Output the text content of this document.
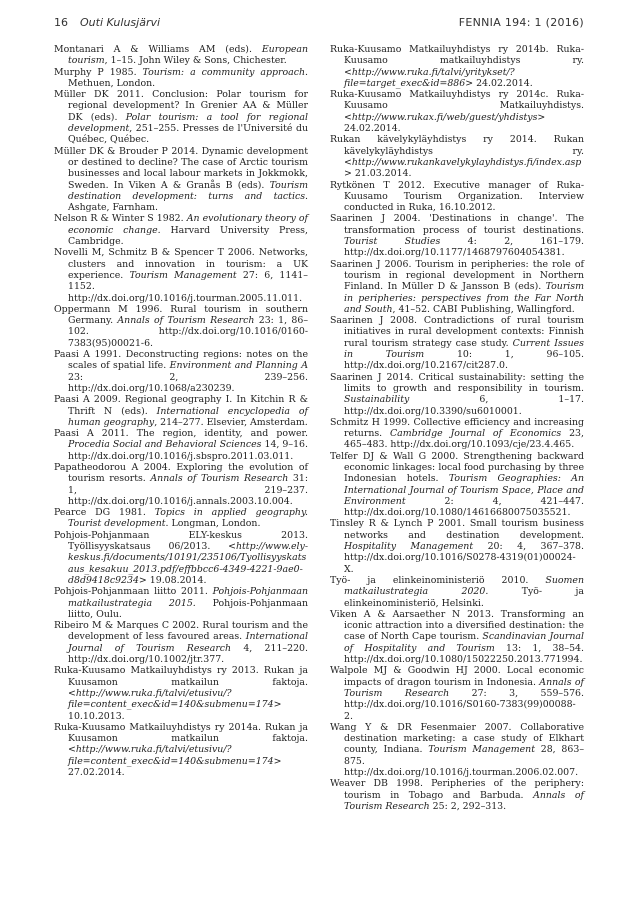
16 Outi Kulusjärvi	FENNIA 194: 1 (2016)

Montanari A & Williams AM (eds). European tourism, 1–15. John Wiley & Sons, Chichester.

Murphy P 1985. Tourism: a community approach. Methuen, London.

Müller DK 2011. Conclusion: Polar tourism for regional development? In Grenier AA & Müller DK (eds). Polar tourism: a tool for regional development, 251–255. Presses de l'Université du Québec, Québec.

Müller DK & Brouder P 2014. Dynamic development or destined to decline? The case of Arctic tourism businesses and local labour markets in Jokkmokk, Sweden. In Viken A & Granås B (eds). Tourism destination development: turns and tactics. Ashgate, Farnham.

Nelson R & Winter S 1982. An evolutionary theory of economic change. Harvard University Press, Cambridge.

Novelli M, Schmitz B & Spencer T 2006. Networks, clusters and innovation in tourism: a UK experience. Tourism Management 27: 6, 1141–1152. http://dx.doi.org/10.1016/j.tourman.2005.11.011.

Oppermann M 1996. Rural tourism in southern Germany. Annals of Tourism Research 23: 1, 86–102. http://dx.doi.org/10.1016/0160-7383(95)00021-6.

Paasi A 1991. Deconstructing regions: notes on the scales of spatial life. Environment and Planning A 23: 2, 239–256. http://dx.doi.org/10.1068/a230239.

Paasi A 2009. Regional geography I. In Kitchin R & Thrift N (eds). International encyclopedia of human geography, 214–277. Elsevier, Amsterdam.

Paasi A 2011. The region, identity, and power. Procedia Social and Behavioral Sciences 14, 9–16. http://dx.doi.org/10.1016/j.sbspro.2011.03.011.

Papatheodorou A 2004. Exploring the evolution of tourism resorts. Annals of Tourism Research 31: 1, 219–237. http://dx.doi.org/10.1016/j.annals.2003.10.004.

Pearce DG 1981. Topics in applied geography. Tourist development. Longman, London.

Pohjois-Pohjanmaan ELY-keskus 2013. Työllisyyskatsaus 06/2013. <http://www.ely-keskus.fi/documents/10191/235106/Tyollisyyskatsaus_kesakuu_2013.pdf/effbbcc6-4349-4221-9ae0-d8d9418c9234> 19.08.2014.

Pohjois-Pohjanmaan liitto 2011. Pohjois-Pohjanmaan matkailustrategia 2015. Pohjois-Pohjanmaan liitto, Oulu.

Ribeiro M & Marques C 2002. Rural tourism and the development of less favoured areas. International Journal of Tourism Research 4, 211–220. http://dx.doi.org/10.1002/jtr.377.

Ruka-Kuusamo Matkailuyhdistys ry 2013. Rukan ja Kuusamon matkailun faktoja. <http://www.ruka.fi/talvi/etusivu/?file=content_exec&id=140&submenu=174> 10.10.2013.

Ruka-Kuusamo Matkailuyhdistys ry 2014a. Rukan ja Kuusamon matkailun faktoja. <http://www.ruka.fi/talvi/etusivu/?file=content_exec&id=140&submenu=174> 27.02.2014.

Ruka-Kuusamo Matkailuyhdistys ry 2014b. Ruka-Kuusamo matkailuyhdistys ry. <http://www.ruka.fi/talvi/yritykset/?file=target_exec&id=886> 24.02.2014.

Ruka-Kuusamo Matkailuyhdistys ry 2014c. Ruka-Kuusamo Matkailuyhdistys. <http://www.rukax.fi/web/guest/yhdistys> 24.02.2014.

Rukan kävelykyläyhdistys ry 2014. Rukan kävelykyläyhdistys ry. <http://www.rukankavelykylayhdistys.fi/index.asp> 21.03.2014.

Rytkönen T 2012. Executive manager of Ruka-Kuusamo Tourism Organization. Interview conducted in Ruka, 16.10.2012.

Saarinen J 2004. 'Destinations in change'. The transformation process of tourist destinations. Tourist Studies 4: 2, 161–179. http://dx.doi.org/10.1177/1468797604054381.

Saarinen J 2006. Tourism in peripheries: the role of tourism in regional development in Northern Finland. In Müller D & Jansson B (eds). Tourism in peripheries: perspectives from the Far North and South, 41–52. CABI Publishing, Wallingford.

Saarinen J 2008. Contradictions of rural tourism initiatives in rural development contexts: Finnish rural tourism strategy case study. Current Issues in Tourism 10: 1, 96–105. http://dx.doi.org/10.2167/cit287.0.

Saarinen J 2014. Critical sustainability: setting the limits to growth and responsibility in tourism. Sustainability 6, 1–17. http://dx.doi.org/10.3390/su6010001.

Schmitz H 1999. Collective efficiency and increasing returns. Cambridge Journal of Economics 23, 465–483. http://dx.doi.org/10.1093/cje/23.4.465.

Telfer DJ & Wall G 2000. Strengthening backward economic linkages: local food purchasing by three Indonesian hotels. Tourism Geographies: An International Journal of Tourism Space, Place and Environment 2: 4, 421–447. http://dx.doi.org/10.1080/14616680075035521.

Tinsley R & Lynch P 2001. Small tourism business networks and destination development. Hospitality Management 20: 4, 367–378. http://dx.doi.org/10.1016/S0278-4319(01)00024-X.

Työ- ja elinkeinoministeriö 2010. Suomen matkailustrategia 2020. Työ- ja elinkeinoministeriö, Helsinki.

Viken A & Aarsaether N 2013. Transforming an iconic attraction into a diversified destination: the case of North Cape tourism. Scandinavian Journal of Hospitality and Tourism 13: 1, 38–54. http://dx.doi.org/10.1080/15022250.2013.771994.

Walpole MJ & Goodwin HJ 2000. Local economic impacts of dragon tourism in Indonesia. Annals of Tourism Research 27: 3, 559–576. http://dx.doi.org/10.1016/S0160-7383(99)00088-2.

Wang Y & DR Fesenmaier 2007. Collaborative destination marketing: a case study of Elkhart county, Indiana. Tourism Management 28, 863–875. http://dx.doi.org/10.1016/j.tourman.2006.02.007.

Weaver DB 1998. Peripheries of the periphery: tourism in Tobago and Barbuda. Annals of Tourism Research 25: 2, 292–313.
